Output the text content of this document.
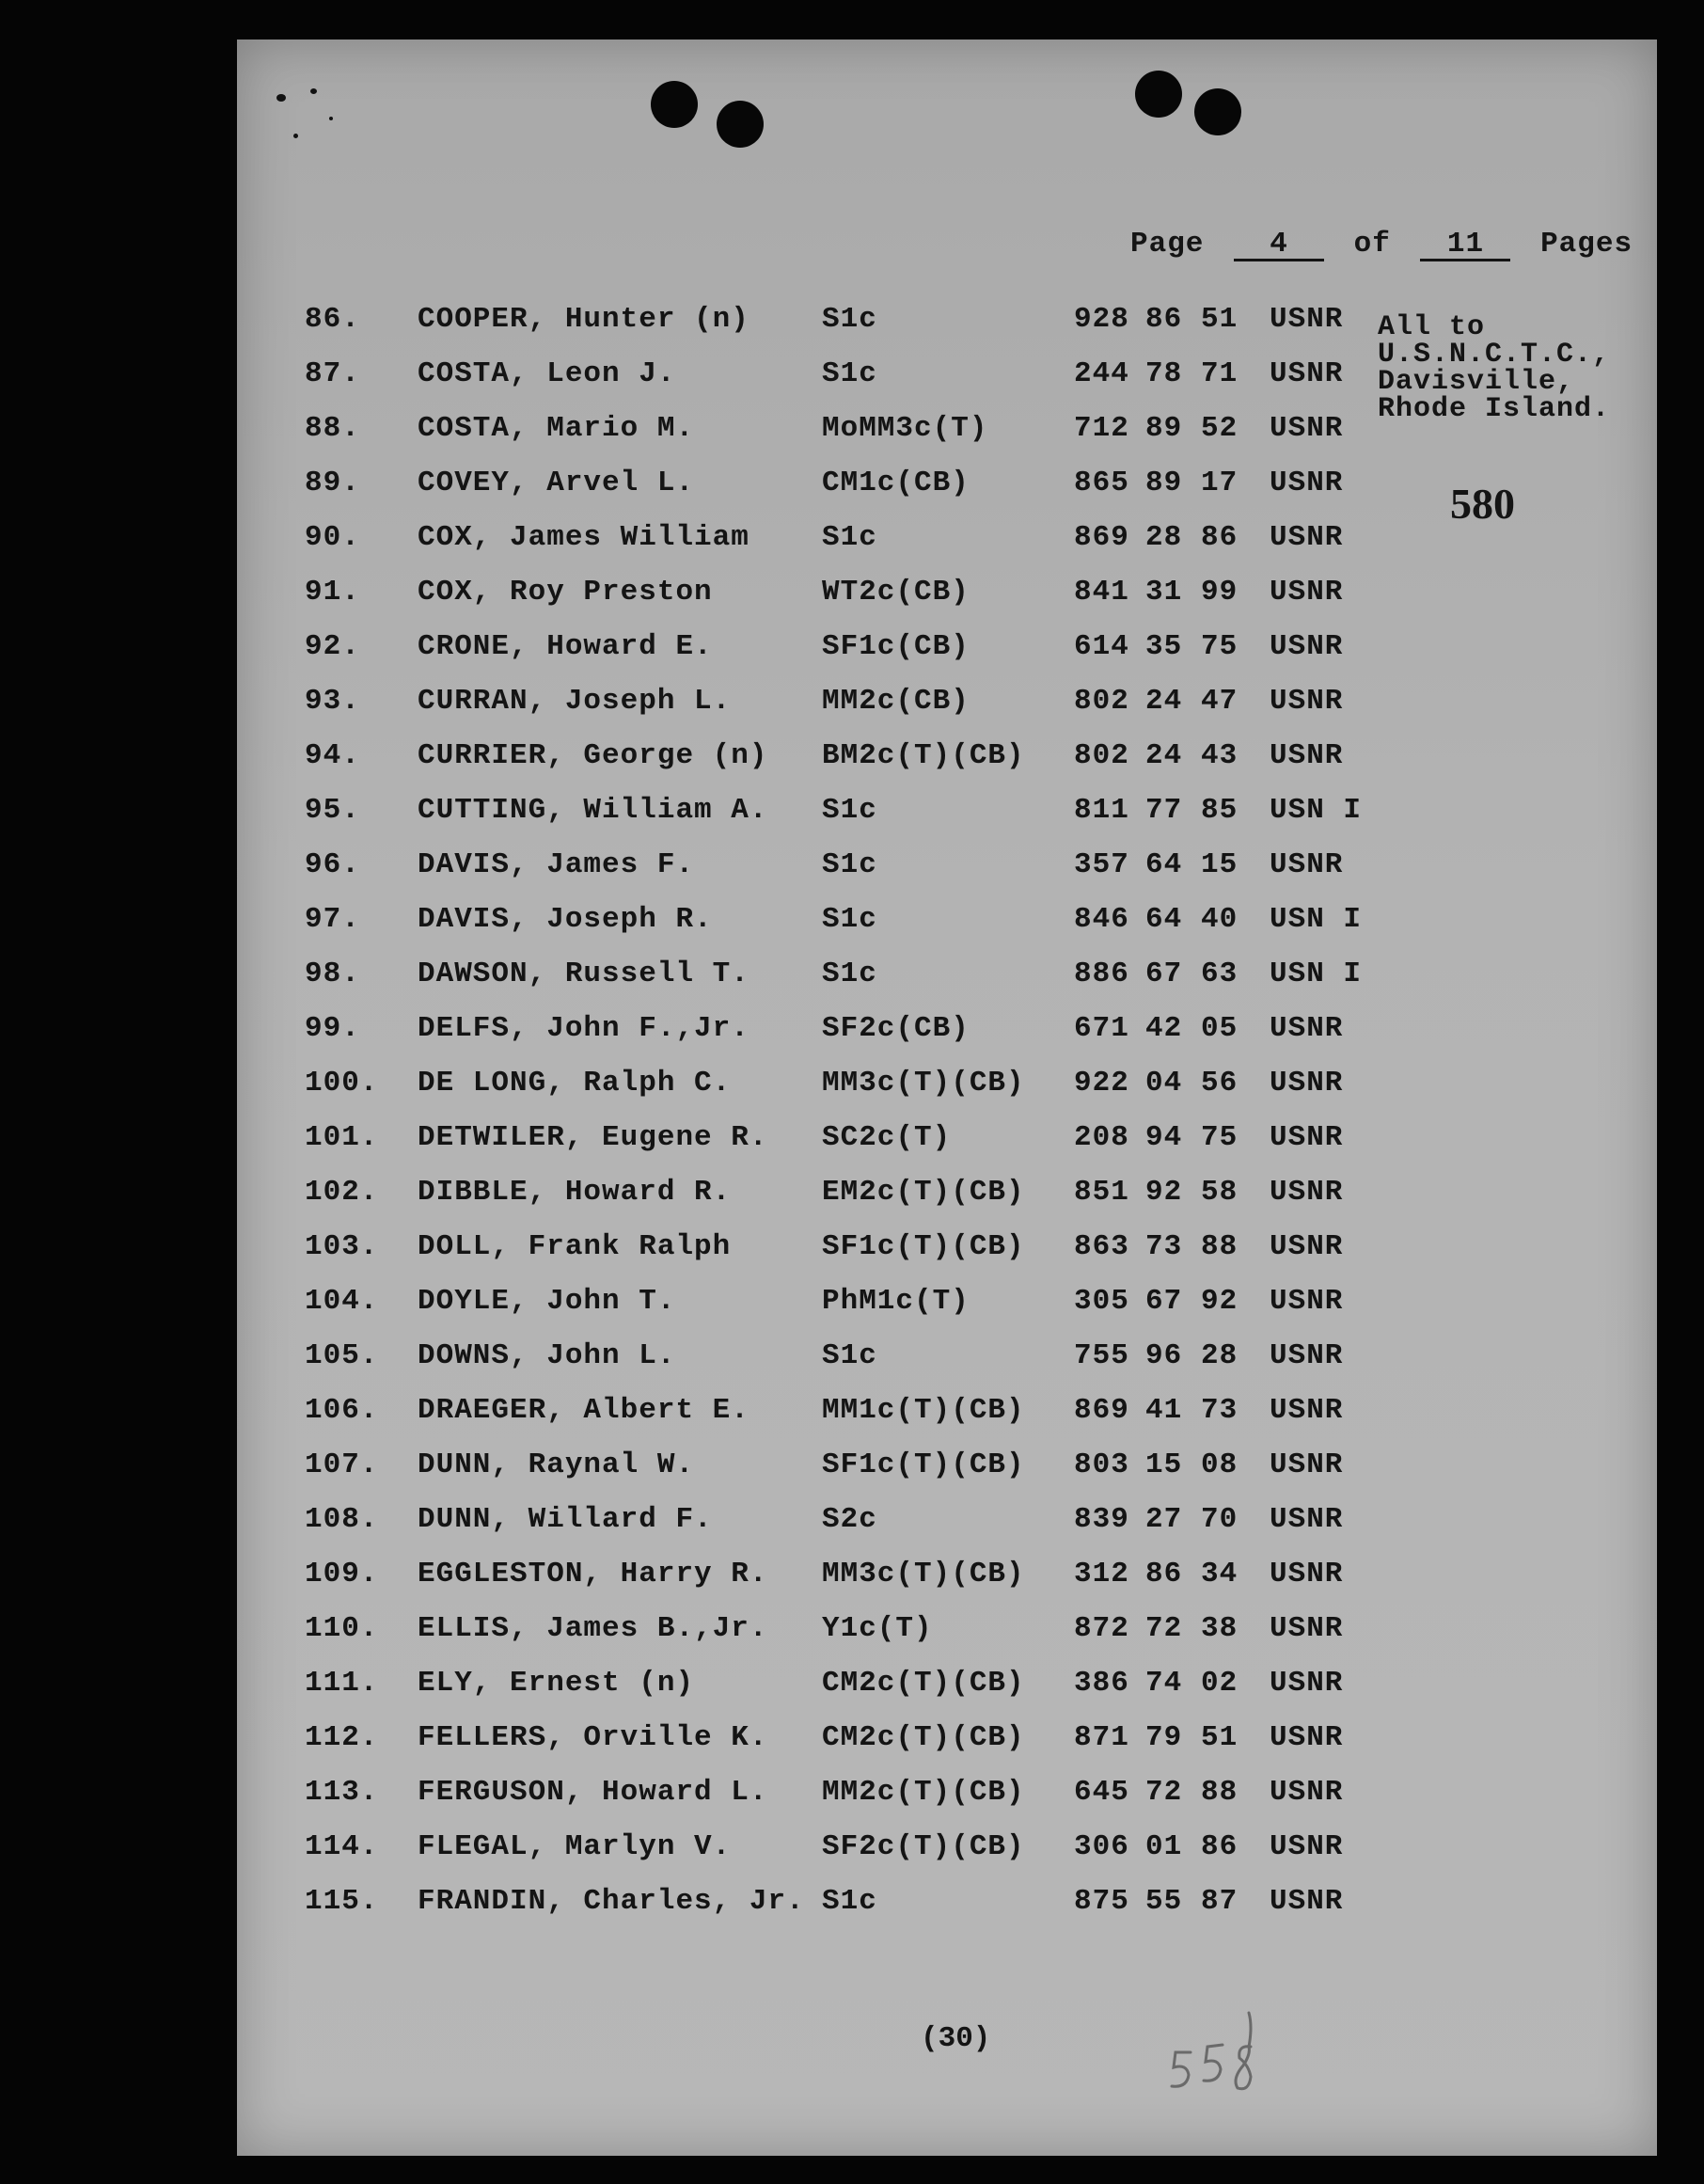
Page 4 of 11 Pages
86. COOPER, Hunter (n) S1c	928 86 51 USNR
87. COSTA, Leon J.	S1c	244 78 71 USNR
88. COSTA, Mario M.	MoMM3c(T)	712 89 52 USNR
89. COVEY, Arvel L.	CM1c(CB)	865 89 17 USNR
90. COX, James William S1c	869 28 86 USNR
91. COX, Roy Preston	WT2c(CB)	841 31 99 USNR
92. CRONE, Howard E.	SF1c(CB)	614 35 75 USNR
93. CURRAN, Joseph L.	MM2c(CB)	802 24 47 USNR
94. CURRIER, George (n) BM2c(T)(CB) 802 24 43 USNR
95. CUTTING, William A. S1c	811 77 85 USN I
96. DAVIS, James F.	S1c	357 64 15 USNR
97. DAVIS, Joseph R.	S1c	846 64 40 USN I
98. DAWSON, Russell T. S1c	886 67 63 USN I
99. DELFS, John F.,Jr. SF2c(CB)	671 42 05 USNR
100. DE LONG, Ralph C.	MM3c(T)(CB) 922 04 56 USNR
101. DETWILER, Eugene R. SC2c(T)	208 94 75 USNR
102. DIBBLE, Howard R.	EM2c(T)(CB) 851 92 58 USNR
103. DOLL, Frank Ralph	SF1c(T)(CB) 863 73 88 USNR
104. DOYLE, John T.	PhM1c(T)	305 67 92 USNR
105. DOWNS, John L.	S1c	755 96 28 USNR
106. DRAEGER, Albert E. MM1c(T)(CB) 869 41 73 USNR
107. DUNN, Raynal W.	SF1c(T)(CB) 803 15 08 USNR
108. DUNN, Willard F.	S2c	839 27 70 USNR
109. EGGLESTON, Harry R. MM3c(T)(CB) 312 86 34 USNR
110. ELLIS, James B.,Jr. Y1c(T)	872 72 38 USNR
111. ELY, Ernest (n)	CM2c(T)(CB) 386 74 02 USNR
112. FELLERS, Orville K. CM2c(T)(CB) 871 79 51 USNR
113. FERGUSON, Howard L. MM2c(T)(CB) 645 72 88 USNR
114. FLEGAL, Marlyn V.	SF2c(T)(CB) 306 01 86 USNR
115. FRANDIN, Charles, Jr. S1c	875 55 87 USNR
All to
U.S.N.C.T.C.,
Davisville,
Rhode Island.
580
(30)
